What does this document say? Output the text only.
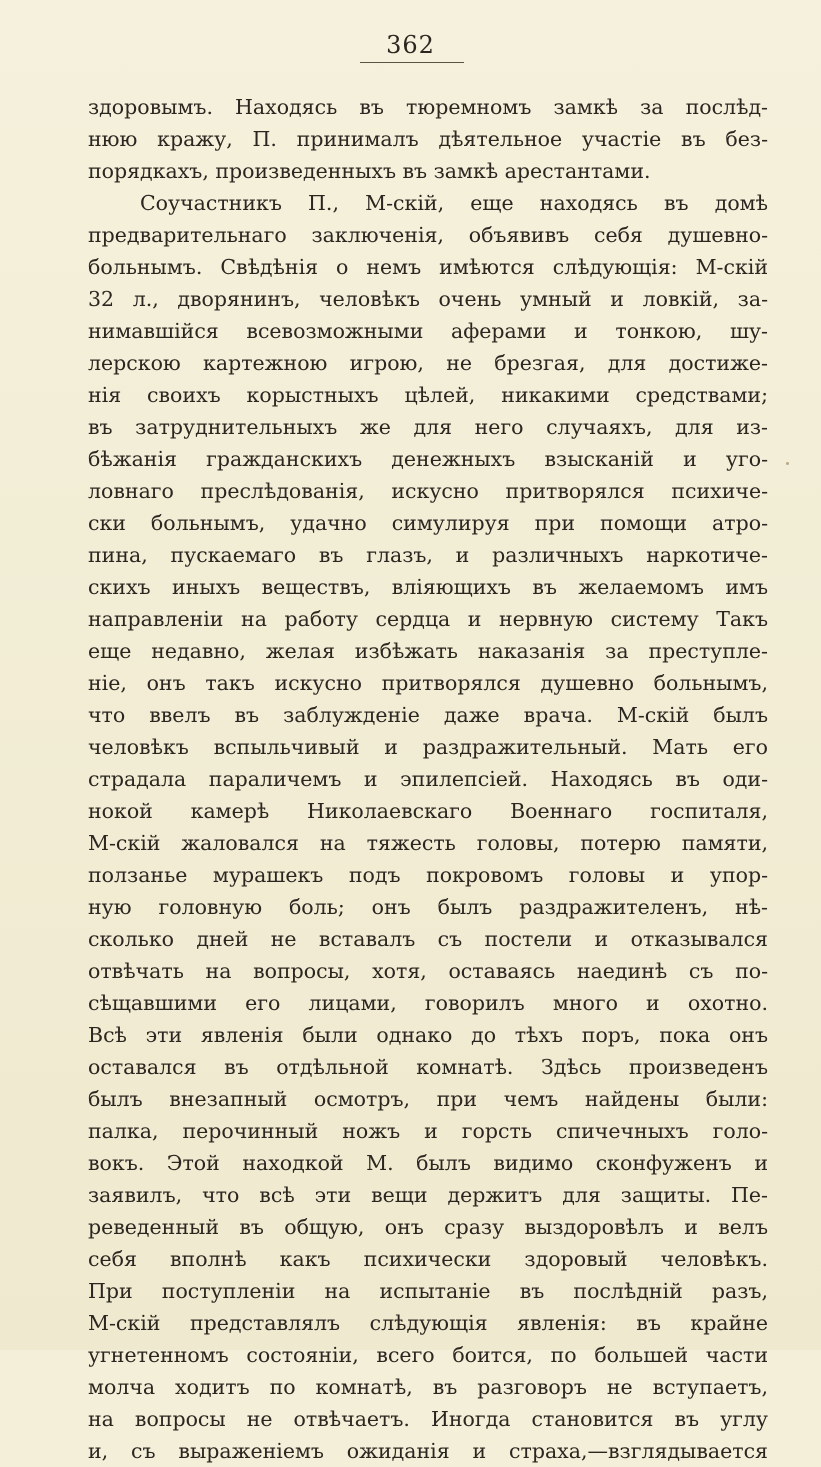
362
здоровымъ. Находясь въ тюремномъ замкѣ за послѣд-
нюю кражу, П. принималъ дѣятельное участіе въ без-
порядкахъ, произведенныхъ въ замкѣ арестантами.
Соучастникъ П., М-скій, еще находясь въ домѣ
предварительнаго заключенія, объявивъ себя душевно-
больнымъ. Свѣдѣнія о немъ имѣются слѣдующія: М-скій
32 л., дворянинъ, человѣкъ очень умный и ловкій, за-
нимавшійся всевозможными аферами и тонкою, шу-
лерскою картежною игрою, не брезгая, для достиже-
нія своихъ корыстныхъ цѣлей, никакими средствами;
въ затруднительныхъ же для него случаяхъ, для из-
бѣжанія гражданскихъ денежныхъ взысканій и уго-
ловнаго преслѣдованія, искусно притворялся психиче-
ски больнымъ, удачно симулируя при помощи атро-
пина, пускаемаго въ глазъ, и различныхъ наркотиче-
скихъ иныхъ веществъ, вліяющихъ въ желаемомъ имъ
направленіи на работу сердца и нервную систему Такъ
еще недавно, желая избѣжать наказанія за преступле-
ніе, онъ такъ искусно притворялся душевно больнымъ,
что ввелъ въ заблужденіе даже врача. М-скій былъ
человѣкъ вспыльчивый и раздражительный. Мать его
страдала параличемъ и эпилепсіей. Находясь въ оди-
нокой камерѣ Николаевскаго Военнаго госпиталя,
М-скій жаловался на тяжесть головы, потерю памяти,
ползанье мурашекъ подъ покровомъ головы и упор-
ную головную боль; онъ былъ раздражителенъ, нѣ-
сколько дней не вставалъ съ постели и отказывался
отвѣчать на вопросы, хотя, оставаясь наединѣ съ по-
сѣщавшими его лицами, говорилъ много и охотно.
Всѣ эти явленія были однако до тѣхъ поръ, пока онъ
оставался въ отдѣльной комнатѣ. Здѣсь произведенъ
былъ внезапный осмотръ, при чемъ найдены были:
палка, перочинный ножъ и горсть спичечныхъ голо-
вокъ. Этой находкой М. былъ видимо сконфуженъ и
заявилъ, что всѣ эти вещи держитъ для защиты. Пе-
реведенный въ общую, онъ сразу выздоровѣлъ и велъ
себя вполнѣ какъ психически здоровый человѣкъ.
При поступленіи на испытаніе въ послѣдній разъ,
М-скій представлялъ слѣдующія явленія: въ крайне
угнетенномъ состояніи, всего боится, по большей части
молча ходитъ по комнатѣ, въ разговоръ не вступаетъ,
на вопросы не отвѣчаетъ. Иногда становится въ углу
и, съ выраженіемъ ожиданія и страха,—взглядывается
